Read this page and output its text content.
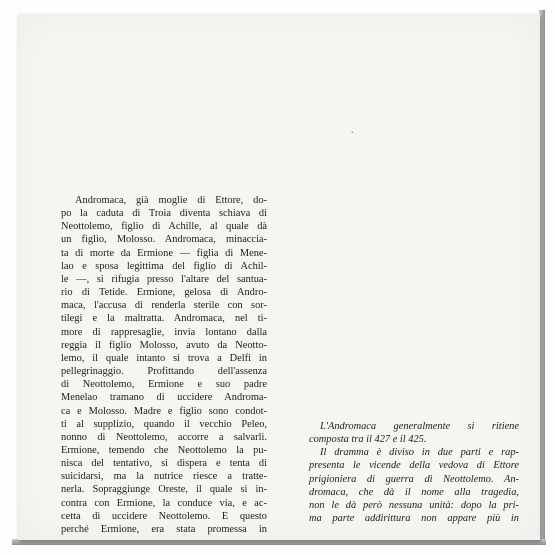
•

Andromaca, già moglie di Ettore, do-

po la caduta di Troia diventa schiava di

Neottolemo, figlio di Achille, al quale dà

un figlio, Molosso. Andromaca, minaccia-

ta di morte da Ermione — figlia di Mene-

lao e sposa legittima del figlio di Achil-

le —, si rifugia presso l'altare del santua-

rio di Tetide. Ermione, gelosa di Andro-

maca, l'accusa di renderla sterile con sor-

tilegi e la maltratta. Andromaca, nel ti-

more di rappresaglie, invia lontano dalla

reggia il figlio Molosso, avuto da Neotto-

lemo, il quale intanto si trova a Delfi in

pellegrinaggio. Profittando dell'assenza

di Neottolemo, Ermione e suo padre

Menelao tramano di uccidere Androma-

ca e Molosso. Madre e figlio sono condot-

ti al supplizio, quando il vecchio Peleo,

nonno di Neottolemo, accorre a salvarli.

Ermione, temendo che Neottolemo la pu-

nisca del tentativo, si dispera e tenta di

suicidarsi, ma la nutrice riesce a tratte-

nerla. Sopraggiunge Oreste, il quale si in-

contra con Ermione, la conduce via, e ac-

cetta di uccidere Neottolemo. E questo

perché Ermione, era stata promessa in

L'Andromaca generalmente si ritiene

composta tra il 427 e il 425.

Il dramma è diviso in due parti e rap-

presenta le vicende della vedova di Ettore

prigioniera di guerra di Neottolemo. An-

dromaca, che dà il nome alla tragedia,

non le dà però nessuna unità: dopo la pri-

ma parte addirittura non appare più in
